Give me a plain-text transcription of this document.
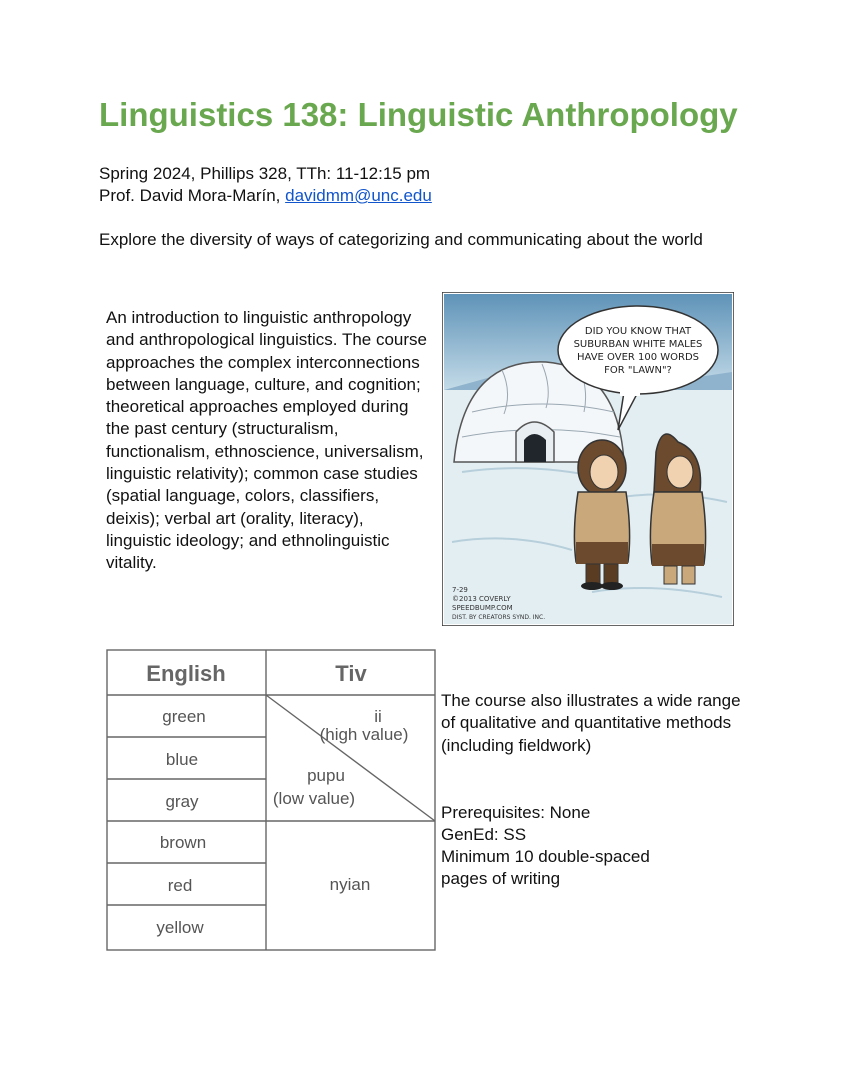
Linguistics 138: Linguistic Anthropology
Spring 2024, Phillips 328, TTh: 11-12:15 pm
Prof. David Mora-Marín, davidmm@unc.edu
Explore the diversity of ways of categorizing and communicating about the world
An introduction to linguistic anthropology and anthropological linguistics. The course approaches the complex interconnections between language, culture, and cognition; theoretical approaches employed during the past century (structuralism, functionalism, ethnoscience, universalism, linguistic relativity); common case studies (spatial language, colors, classifiers, deixis); verbal art (orality, literacy), linguistic ideology; and ethnolinguistic vitality.
DID YOU KNOW THAT
SUBURBAN WHITE MALES
HAVE OVER 100 WORDS
FOR "LAWN"?
7-29
©2013 COVERLY
SPEEDBUMP.COM
DIST. BY CREATORS SYND. INC.
English	Tiv
green
blue
gray
brown
red
yellow
ii
(high value)
pupu
(low value)
nyian
The course also illustrates a wide range of qualitative and quantitative methods (including fieldwork)
Prerequisites: None
GenEd: SS
Minimum 10 double-spaced
pages of writing
